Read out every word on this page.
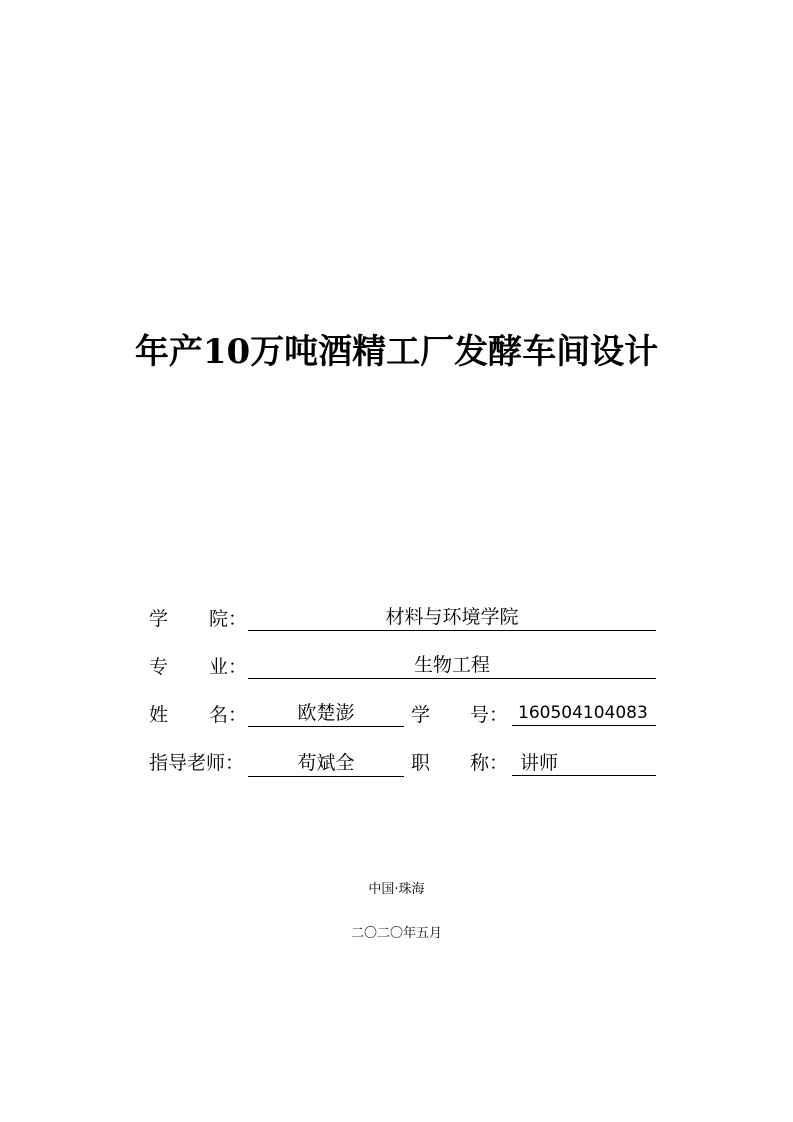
年产10万吨酒精工厂发酵车间设计
学 院：	材料与环境学院
专 业：	生物工程
姓 名：	欧楚澎	学 号： 160504104083
指导老师：	苟斌全	职 称： 讲师
中国·珠海
二〇二〇年五月
